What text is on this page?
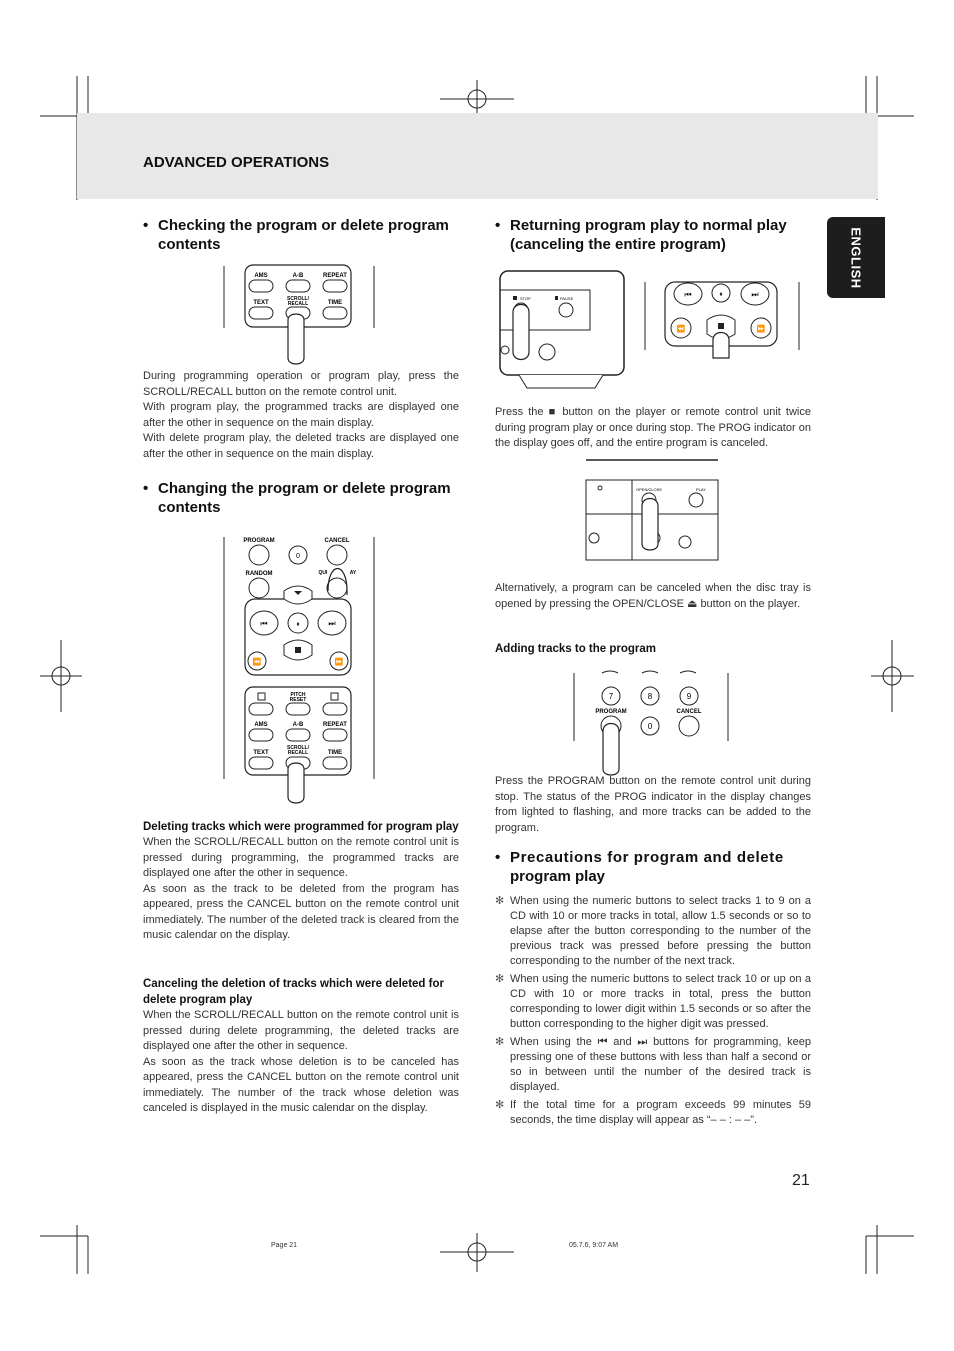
ADVANCED OPERATIONS
ENGLISH
• Checking the program or delete program
contents
AMS	A-B	REPEAT
TEXT
SCROLL/
RECALL	TIME

During programming operation or program play, press the SCROLL/RECALL button on the remote control unit.

With program play, the programmed tracks are displayed one after the other in sequence on the main display.

With delete program play, the deleted tracks are displayed one after the other in sequence on the main display.

• Changing the program or delete program
contents
PROGRAM	CANCEL
0
RANDOM	QUI	AY
⏮	⏸	⏭
⏪	⏩
PITCH
RESET
AMS	A-B	REPEAT
TEXT
SCROLL/
RECALL	TIME
Deleting tracks which were programmed for program play

When the SCROLL/RECALL button on the remote control unit is pressed during programming, the programmed tracks are displayed one after the other in sequence.

As soon as the track to be deleted from the program has appeared, press the CANCEL button on the remote control unit immediately. The number of the deleted track is cleared from the music calendar on the display.

Canceling the deletion of tracks which were deleted for delete program play

When the SCROLL/RECALL button on the remote control unit is pressed during delete programming, the deleted tracks are displayed one after the other in sequence.

As soon as the track whose deletion is to be canceled has appeared, press the CANCEL button on the remote control unit immediately. The number of the track whose deletion was canceled is displayed in the music calendar on the display.

• Returning program play to normal play
(canceling the entire program)
STOP	PAUSE	⏮	⏸	⏭
⏪	⏩

Press the ■ button on the player or remote control unit twice during program play or once during stop. The PROG indicator on the display goes off, and the entire program is canceled.

OPEN/CLOSE	PLAY

Alternatively, a program can be canceled when the disc tray is opened by pressing the OPEN/CLOSE ⏏ button on the player.

Adding tracks to the program
7	8	9
PROGRAM	CANCEL
0

Press the PROGRAM button on the remote control unit during stop. The status of the PROG indicator in the display changes from lighted to flashing, and more tracks can be added to the program.

• Precautions for program and delete
program play
✻ When using the numeric buttons to select tracks 1 to 9 on a CD with 10 or more tracks in total, allow 1.5 seconds or so to elapse after the button corresponding to the number of the previous track was pressed before pressing the button corresponding to the number of the next track.
✻ When using the numeric buttons to select track 10 or up on a CD with 10 or more tracks in total, press the button corresponding to lower digit within 1.5 seconds or so after the button corresponding to the higher digit was pressed.
✻ When using the ⏮ and ⏭ buttons for programming, keep pressing one of these buttons with less than half a second or so in between until the number of the desired track is displayed.
✻ If the total time for a program exceeds 99 minutes 59 seconds, the time display will appear as “– – : – –”.
21
Page 21	05.7.6, 9:07 AM
